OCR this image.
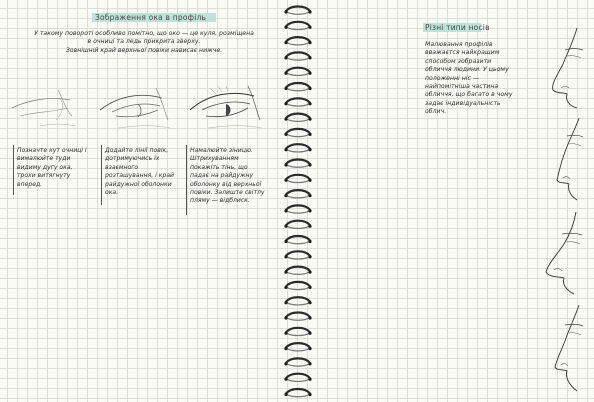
Зображення ока в профіль
У такому повороті особливо помітно, що око — це куля, розміщена в очниці та ледь прикрита зверху.
Зовнішній край верхньої повіки нависає нижче.
Позначте кут очниці і вималюйте туди видиму дугу ока, трохи витягнуту вперед.
Додайте лінії повік, дотримуючись їх взаємного розташування, і край райдужної оболонки ока.
Намалюйте зіницю. Штрихуванням покажіть тінь, що падає на райдужну оболонку від верхньої повіки. Залиште світлу пляму — відблиск.
Різні типи носів
Малювання профілів вважаєтся найкращим способом зобразити обличчя людини. У цьому положенні ніс — найпомітніша частина обличчя, що багато в чому задає індивідуальність облич.
